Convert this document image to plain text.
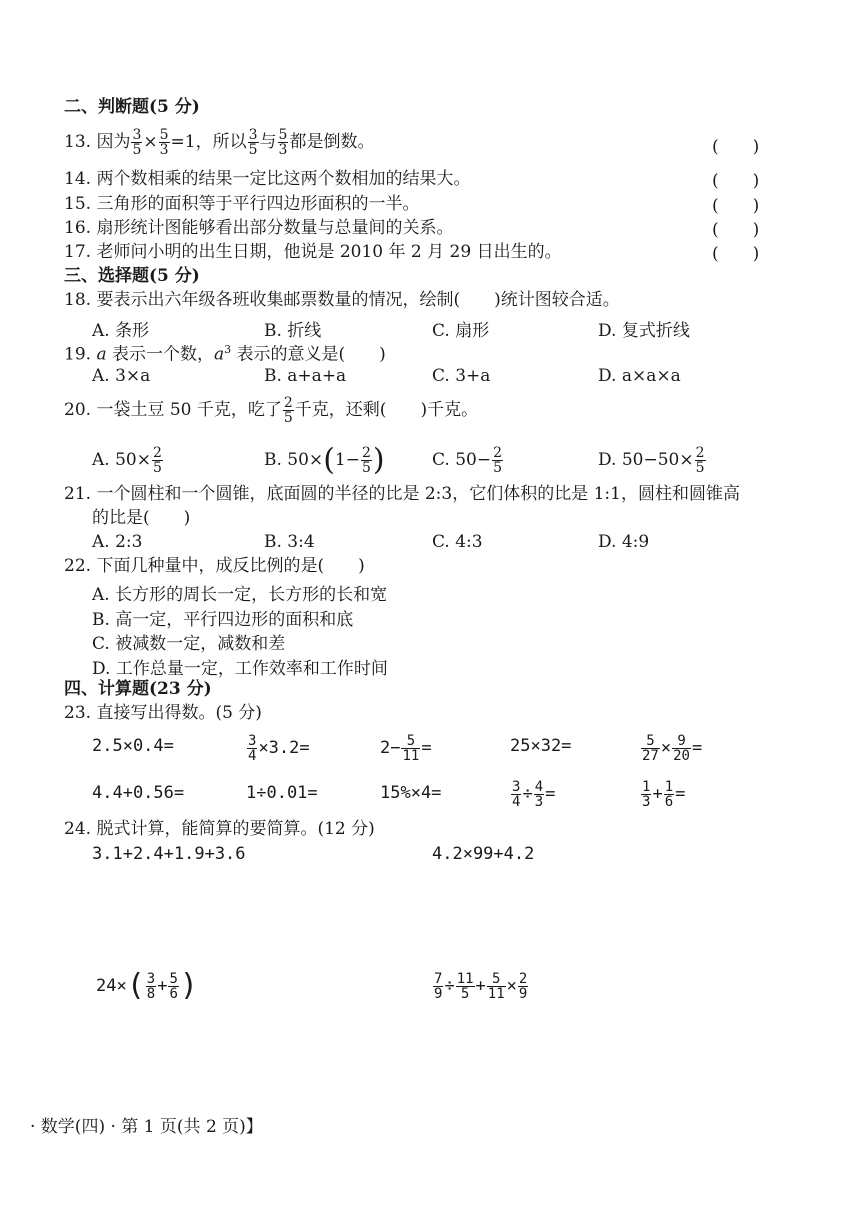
二、判断题(5 分)
13. 因为 $\frac{3}{5} \times \frac{5}{3} =1$，所以 $\frac{3}{5}$ 与 $\frac{5}{3}$ 都是倒数。	(　　)
14. 两个数相乘的结果一定比这两个数相加的结果大。	(　　)
15. 三角形的面积等于平行四边形面积的一半。	(　　)
16. 扇形统计图能够看出部分数量与总量间的关系。	(　　)
17. 老师问小明的出生日期，他说是 2010 年 2 月 29 日出生的。	(　　)
三、选择题(5 分)
18. 要表示出六年级各班收集邮票数量的情况，绘制(　　)统计图较合适。
A. 条形	B. 折线	C. 扇形	D. 复式折线
19. a 表示一个数，$a^3$ 表示的意义是(　　)
A. 3×a	B. a+a+a	C. 3+a	D. a×a×a
20. 一袋土豆 50 千克，吃了 $\frac{2}{5}$ 千克，还剩(　　)千克。
A. $50\times \frac{2}{5}$	B. $50\times(1- \frac{2}{5}$ )	C. $50- \frac{2}{5}$	D. $50-50\times \frac{2}{5}$
21. 一个圆柱和一个圆锥，底面圆的半径的比是 2:3，它们体积的比是 1:1，圆柱和圆锥高
的比是(　　)
A. 2:3	B. 3:4	C. 4:3	D. 4:9
22. 下面几种量中，成反比例的是(　　)
A. 长方形的周长一定，长方形的长和宽
B. 高一定，平行四边形的面积和底
C. 被减数一定，减数和差
D. 工作总量一定，工作效率和工作时间
四、计算题(23 分)
23. 直接写出得数。(5 分)
2.5×0.4=	$\frac{3}{4} \times 3.2=$	$2- \frac{5}{11}$ =	25×32=	$\frac{5}{27} \times \frac{9}{20}$ =
4.4+0.56=	1÷0.01=	15%×4=	$\frac{3}{4} \div \frac{4}{3}$ =	$\frac{1}{3} + \frac{1}{6}$ =
24. 脱式计算，能简算的要简算。(12 分)
3.1+2.4+1.9+3.6	4.2×99+4.2
$24\times( \frac{3}{8} + \frac{5}{6}$ )	$\frac{7}{9} \div \frac{11}{5} + \frac{5}{11} \times \frac{2}{9}$
· 数学(四) · 第 1 页(共 2 页)】
